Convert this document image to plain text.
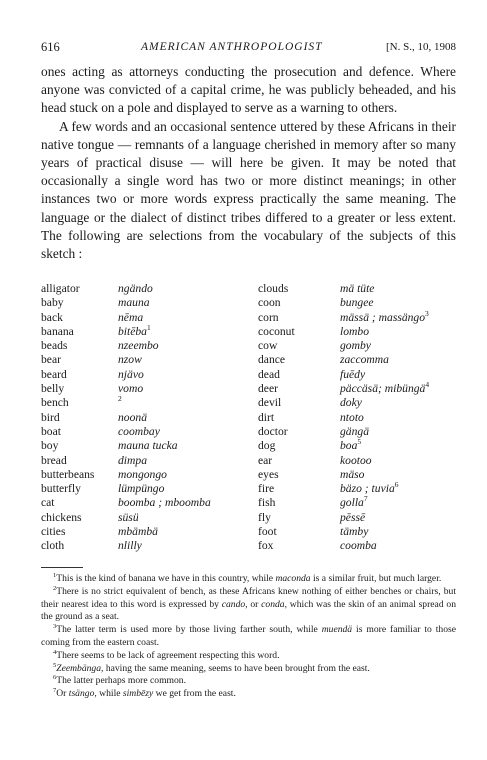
616	AMERICAN ANTHROPOLOGIST	[N. S., 10, 1908

ones acting as attorneys conducting the prosecution and defence. Where anyone was convicted of a capital crime, he was publicly beheaded, and his head stuck on a pole and displayed to serve as a warning to others.

A few words and an occasional sentence uttered by these Africans in their native tongue — remnants of a language cherished in memory after so many years of practical disuse — will here be given. It may be noted that occasionally a single word has two or more distinct meanings; in other instances two or more words express practically the same meaning. The language or the dialect of distinct tribes differed to a greater or less extent. The following are selections from the vocabulary of the subjects of this sketch :

alligator	ngändo
baby	mauna
back	nēma
banana	bitēba$^1$
beads	nzeembo
bear	nzow
beard	njävo
belly	vomo
bench	$^2$
bird	noonä
boat	coombay
boy	mauna tucka
bread	dimpa
butterbeans mongongo
butterfly	lümpüngo
cat	boomba ; mboomba
chickens	süsü
cities	mbämbä
cloth	nlilly
clouds	mä tüte
coon	bungee
corn	mässä ; massängo$^3$
coconut	lombo
cow	gomby
dance	zaccomma
dead	fuēdy
deer	päccäsä; mibüngä$^4$
devil	doky
dirt	ntoto
doctor	gängä
dog	boa$^5$
ear	kootoo
eyes	mäso
fire	bäzo ; tuvia$^6$
fish	golla$^7$
fly	pēssē
foot	tämby
fox	coomba

$^1$This is the kind of banana we have in this country, while maconda is a similar fruit, but much larger.

$^2$There is no strict equivalent of bench, as these Africans knew nothing of either benches or chairs, but their nearest idea to this word is expressed by cando, or conda, which was the skin of an animal spread on the ground as a seat.

$^3$The latter term is used more by those living farther south, while muendä is more familiar to those coming from the eastern coast.

$^4$There seems to be lack of agreement respecting this word.

$^5$Zeembänga, having the same meaning, seems to have been brought from the east.

$^6$The latter perhaps more common.

$^7$Or tsängo, while simbēzy we get from the east.
